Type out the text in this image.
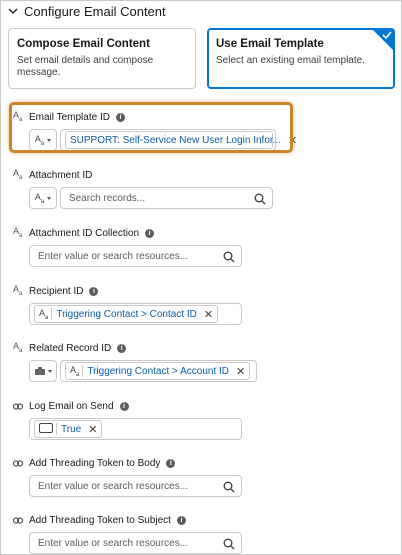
Configure Email Content
Compose Email Content
Set email details and compose message.
Use Email Template
Select an existing email template.
$A_a$ Email Template ID	i
$A_a$	SUPPORT: Self-Service New User Login Infor... ✕
$A_a$ Attachment ID
$A_a$	Search records...
$A_a$ Attachment ID Collection	i
Enter value or search resources...
$A_a$ Recipient ID	i
$A_a$ Triggering Contact > Contact ID ✕
$A_a$ Related Record ID	i
$A_a$ Triggering Contact > Account ID ✕
Log Email on Send	i
True ✕
Add Threading Token to Body	i
Enter value or search resources...
Add Threading Token to Subject	i
Enter value or search resources...
